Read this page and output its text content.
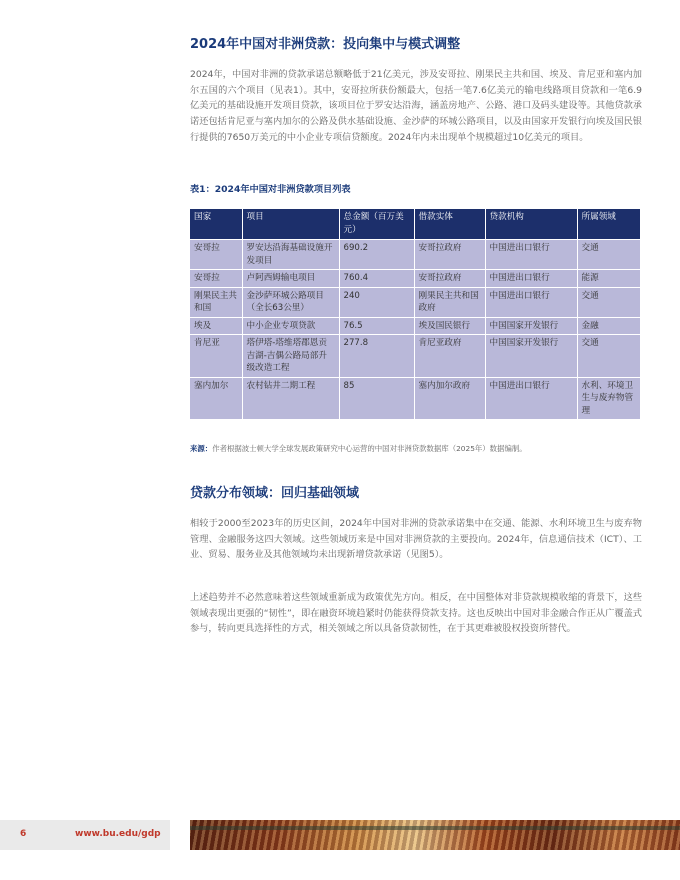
2024年中国对非洲贷款：投向集中与模式调整

2024年，中国对非洲的贷款承诺总额略低于21亿美元，涉及安哥拉、刚果民主共和国、埃及、肯尼亚和塞内加尔五国的六个项目（见表1）。其中，安哥拉所获份额最大，包括一笔7.6亿美元的输电线路项目贷款和一笔6.9亿美元的基础设施开发项目贷款，该项目位于罗安达沿海，涵盖房地产、公路、港口及码头建设等。其他贷款承诺还包括肯尼亚与塞内加尔的公路及供水基础设施、金沙萨的环城公路项目，以及由国家开发银行向埃及国民银行提供的7650万美元的中小企业专项信贷额度。2024年内未出现单个规模超过10亿美元的项目。

表1：2024年中国对非洲贷款项目列表
国家	项目	总金额（百万美元）	借款实体	贷款机构	所属领域
安哥拉	罗安达沿海基础设施开发项目	690.2	安哥拉政府	中国进出口银行	交通
安哥拉	卢阿西姆输电项目	760.4	安哥拉政府	中国进出口银行	能源
刚果民主共和国	金沙萨环城公路项目（全长63公里）	240	刚果民主共和国政府	中国进出口银行	交通
埃及	中小企业专项贷款	76.5	埃及国民银行	中国国家开发银行	金融
肯尼亚	塔伊塔-塔维塔郡恩贡吉湖-吉偶公路局部升级改造工程	277.8	肯尼亚政府	中国国家开发银行	交通
塞内加尔	农村钻井二期工程	85	塞内加尔政府	中国进出口银行	水利、环境卫生与废弃物管理
来源：作者根据波士顿大学全球发展政策研究中心运营的中国对非洲贷款数据库（2025年）数据编制。
贷款分布领域：回归基础领域

相较于2000至2023年的历史区间，2024年中国对非洲的贷款承诺集中在交通、能源、水利环境卫生与废弃物管理、金融服务这四大领域。这些领域历来是中国对非洲贷款的主要投向。2024年，信息通信技术（ICT）、工业、贸易、服务业及其他领域均未出现新增贷款承诺（见图5）。

上述趋势并不必然意味着这些领域重新成为政策优先方向。相反，在中国整体对非贷款规模收缩的背景下，这些领域表现出更强的“韧性”，即在融资环境趋紧时仍能获得贷款支持。这也反映出中国对非金融合作正从广覆盖式参与，转向更具选择性的方式，相关领域之所以具备贷款韧性，在于其更难被股权投资所替代。

6	www.bu.edu/gdp
